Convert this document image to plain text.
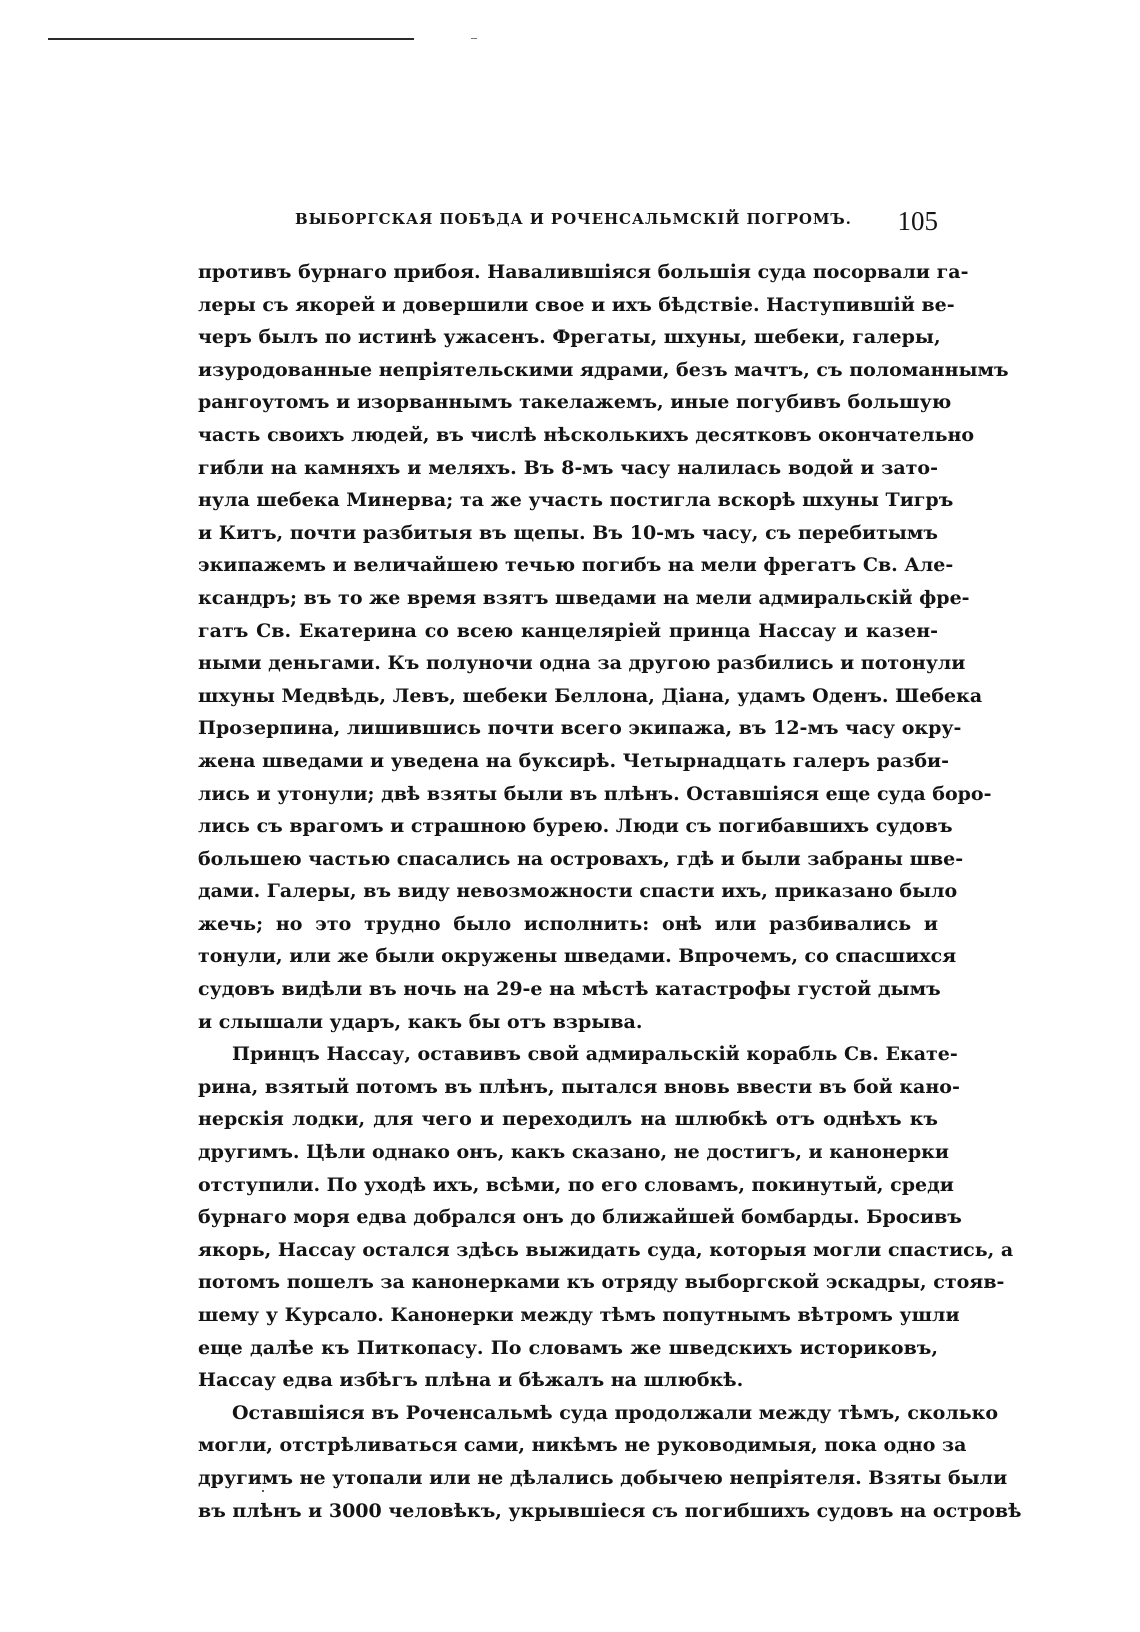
ВЫБОРГСКАЯ ПОБѢДА И РОЧЕНСАЛЬМСКІЙ ПОГРОМЪ. 105
противъ бурнаго прибоя. Навалившіяся большія суда посорвали га-
леры съ якорей и довершили свое и ихъ бѣдствіе. Наступившій ве-
черъ былъ по истинѣ ужасенъ. Фрегаты, шхуны, шебеки, галеры,
изуродованные непріятельскими ядрами, безъ мачтъ, съ поломаннымъ
рангоутомъ и изорваннымъ такелажемъ, иные погубивъ большую
часть своихъ людей, въ числѣ нѣсколькихъ десятковъ окончательно
гибли на камняхъ и меляхъ. Въ 8-мъ часу налилась водой и зато-
нула шебека Минерва; та же участь постигла вскорѣ шхуны Тигръ
и Китъ, почти разбитыя въ щепы. Въ 10-мъ часу, съ перебитымъ
экипажемъ и величайшею течью погибъ на мели фрегатъ Св. Але-
ксандръ; въ то же время взятъ шведами на мели адмиральскій фре-
гатъ Св. Екатерина со всею канцеляріей принца Нассау и казен-
ными деньгами. Къ полуночи одна за другою разбились и потонули
шхуны Медвѣдь, Левъ, шебеки Беллона, Діана, удамъ Оденъ. Шебека
Прозерпина, лишившись почти всего экипажа, въ 12-мъ часу окру-
жена шведами и уведена на буксирѣ. Четырнадцать галеръ разби-
лись и утонули; двѣ взяты были въ плѣнъ. Оставшіяся еще суда боро-
лись съ врагомъ и страшною бурею. Люди съ погибавшихъ судовъ
большею частью спасались на островахъ, гдѣ и были забраны шве-
дами. Галеры, въ виду невозможности спасти ихъ, приказано было
жечь; но это трудно было исполнить: онѣ или разбивались и
тонули, или же были окружены шведами. Впрочемъ, со спасшихся
судовъ видѣли въ ночь на 29-е на мѣстѣ катастрофы густой дымъ
и слышали ударъ, какъ бы отъ взрыва.
Принцъ Нассау, оставивъ свой адмиральскій корабль Св. Екате-
рина, взятый потомъ въ плѣнъ, пытался вновь ввести въ бой кано-
нерскія лодки, для чего и переходилъ на шлюбкѣ отъ однѣхъ къ
другимъ. Цѣли однако онъ, какъ сказано, не достигъ, и канонерки
отступили. По уходѣ ихъ, всѣми, по его словамъ, покинутый, среди
бурнаго моря едва добрался онъ до ближайшей бомбарды. Бросивъ
якорь, Нассау остался здѣсь выжидать суда, которыя могли спастись, а
потомъ пошелъ за канонерками къ отряду выборгской эскадры, стояв-
шему у Курсало. Канонерки между тѣмъ попутнымъ вѣтромъ ушли
еще далѣе къ Питкопасу. По словамъ же шведскихъ историковъ,
Нассау едва избѣгъ плѣна и бѣжалъ на шлюбкѣ.
Оставшіяся въ Роченсальмѣ суда продолжали между тѣмъ, сколько
могли, отстрѣливаться сами, никѣмъ не руководимыя, пока одно за
другимъ не утопали или не дѣлались добычею непріятеля. Взяты были
въ плѣнъ и 3000 человѣкъ, укрывшіеся съ погибшихъ судовъ на островѣ
